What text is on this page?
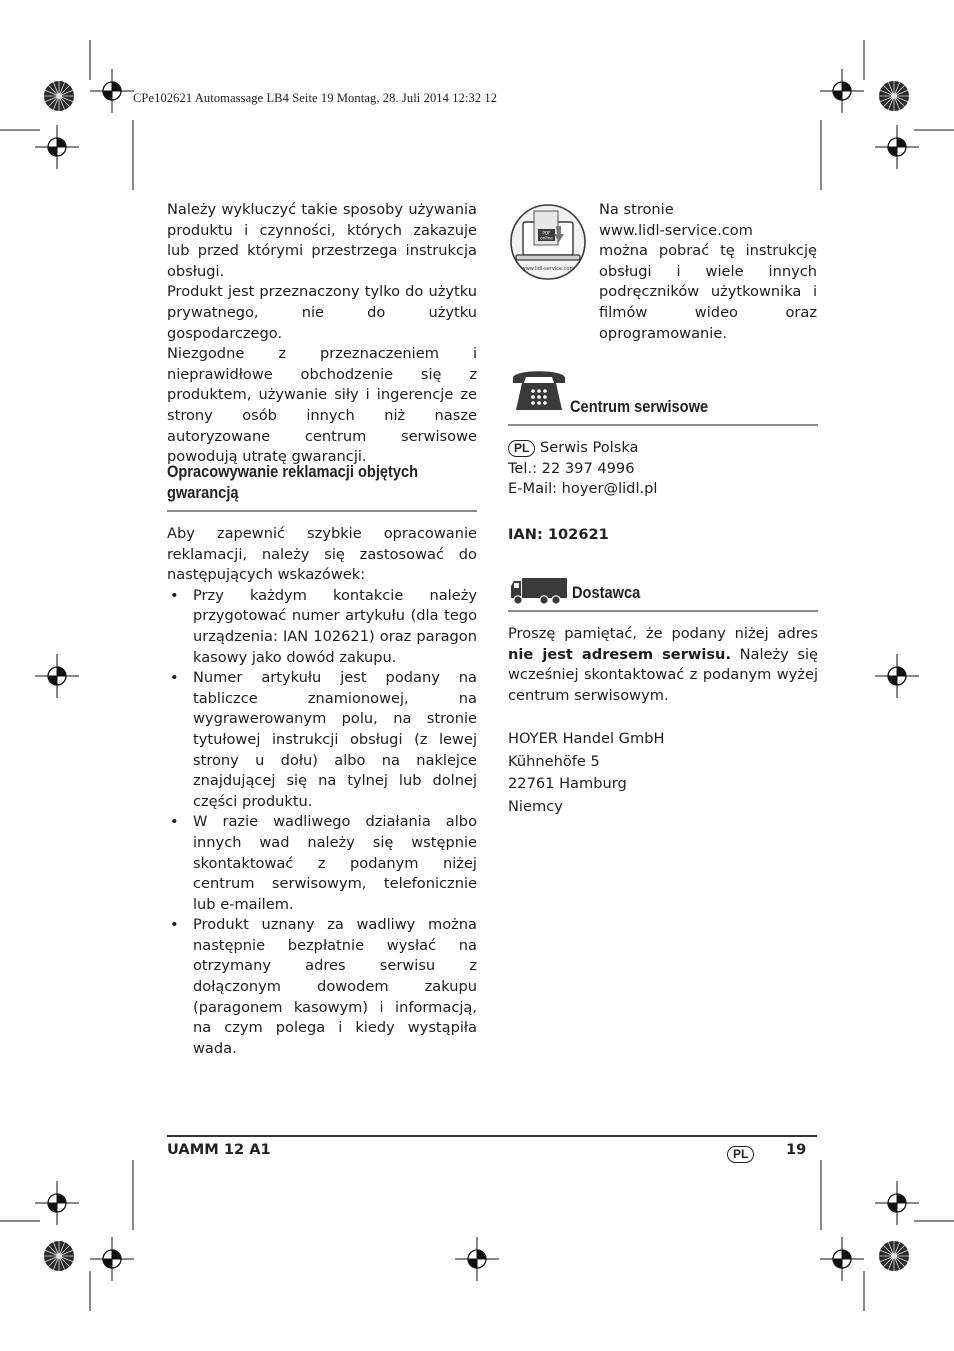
CPe102621 Automassage LB4 Seite 19 Montag, 28. Juli 2014 12:32 12

Należy wykluczyć takie sposoby używania produktu i czynności, których zakazuje lub przed którymi przestrzega instrukcja obsługi.

Produkt jest przeznaczony tylko do użytku prywatnego, nie do użytku gospodarczego.

Niezgodne z przeznaczeniem i nieprawidłowe obchodzenie się z produktem, używanie siły i ingerencje ze strony osób innych niż nasze autoryzowane centrum serwisowe powodują utratę gwarancji.

Opracowywanie reklamacji objętych
gwarancją

Aby zapewnić szybkie opracowanie reklamacji, należy się zastosować do następujących wskazówek:

• Przy każdym kontakcie należy przygotować numer artykułu (dla tego urządzenia: IAN 102621) oraz paragon kasowy jako dowód zakupu.
• Numer artykułu jest podany na tabliczce znamionowej, na wygrawerowanym polu, na stronie tytułowej instrukcji obsługi (z lewej strony u dołu) albo na naklejce znajdującej się na tylnej lub dolnej części produktu.
• W razie wadliwego działania albo innych wad należy się wstępnie skontaktować z podanym niżej centrum serwisowym, telefonicznie lub e-mailem.
• Produkt uznany za wadliwy można następnie bezpłatnie wysłać na otrzymany adres serwisu z dołączonym dowodem zakupu (paragonem kasowym) i informacją, na czym polega i kiedy wystąpiła wada.
PDF
online
www.lidl-service.com
Na stronie
www.lidl-service.com
można pobrać tę instrukcję obsługi i wiele innych podręczników użytkownika i filmów wideo oraz oprogramowanie.
Centrum serwisowe
PL Serwis Polska
Tel.: 22 397 4996
E-Mail: hoyer@lidl.pl
IAN: 102621
Dostawca
Proszę pamiętać, że podany niżej adres nie jest adresem serwisu. Należy się wcześniej skontaktować z podanym wyżej centrum serwisowym.
HOYER Handel GmbH
Kühnehöfe 5
22761 Hamburg
Niemcy
UAMM 12 A1	PL	19
